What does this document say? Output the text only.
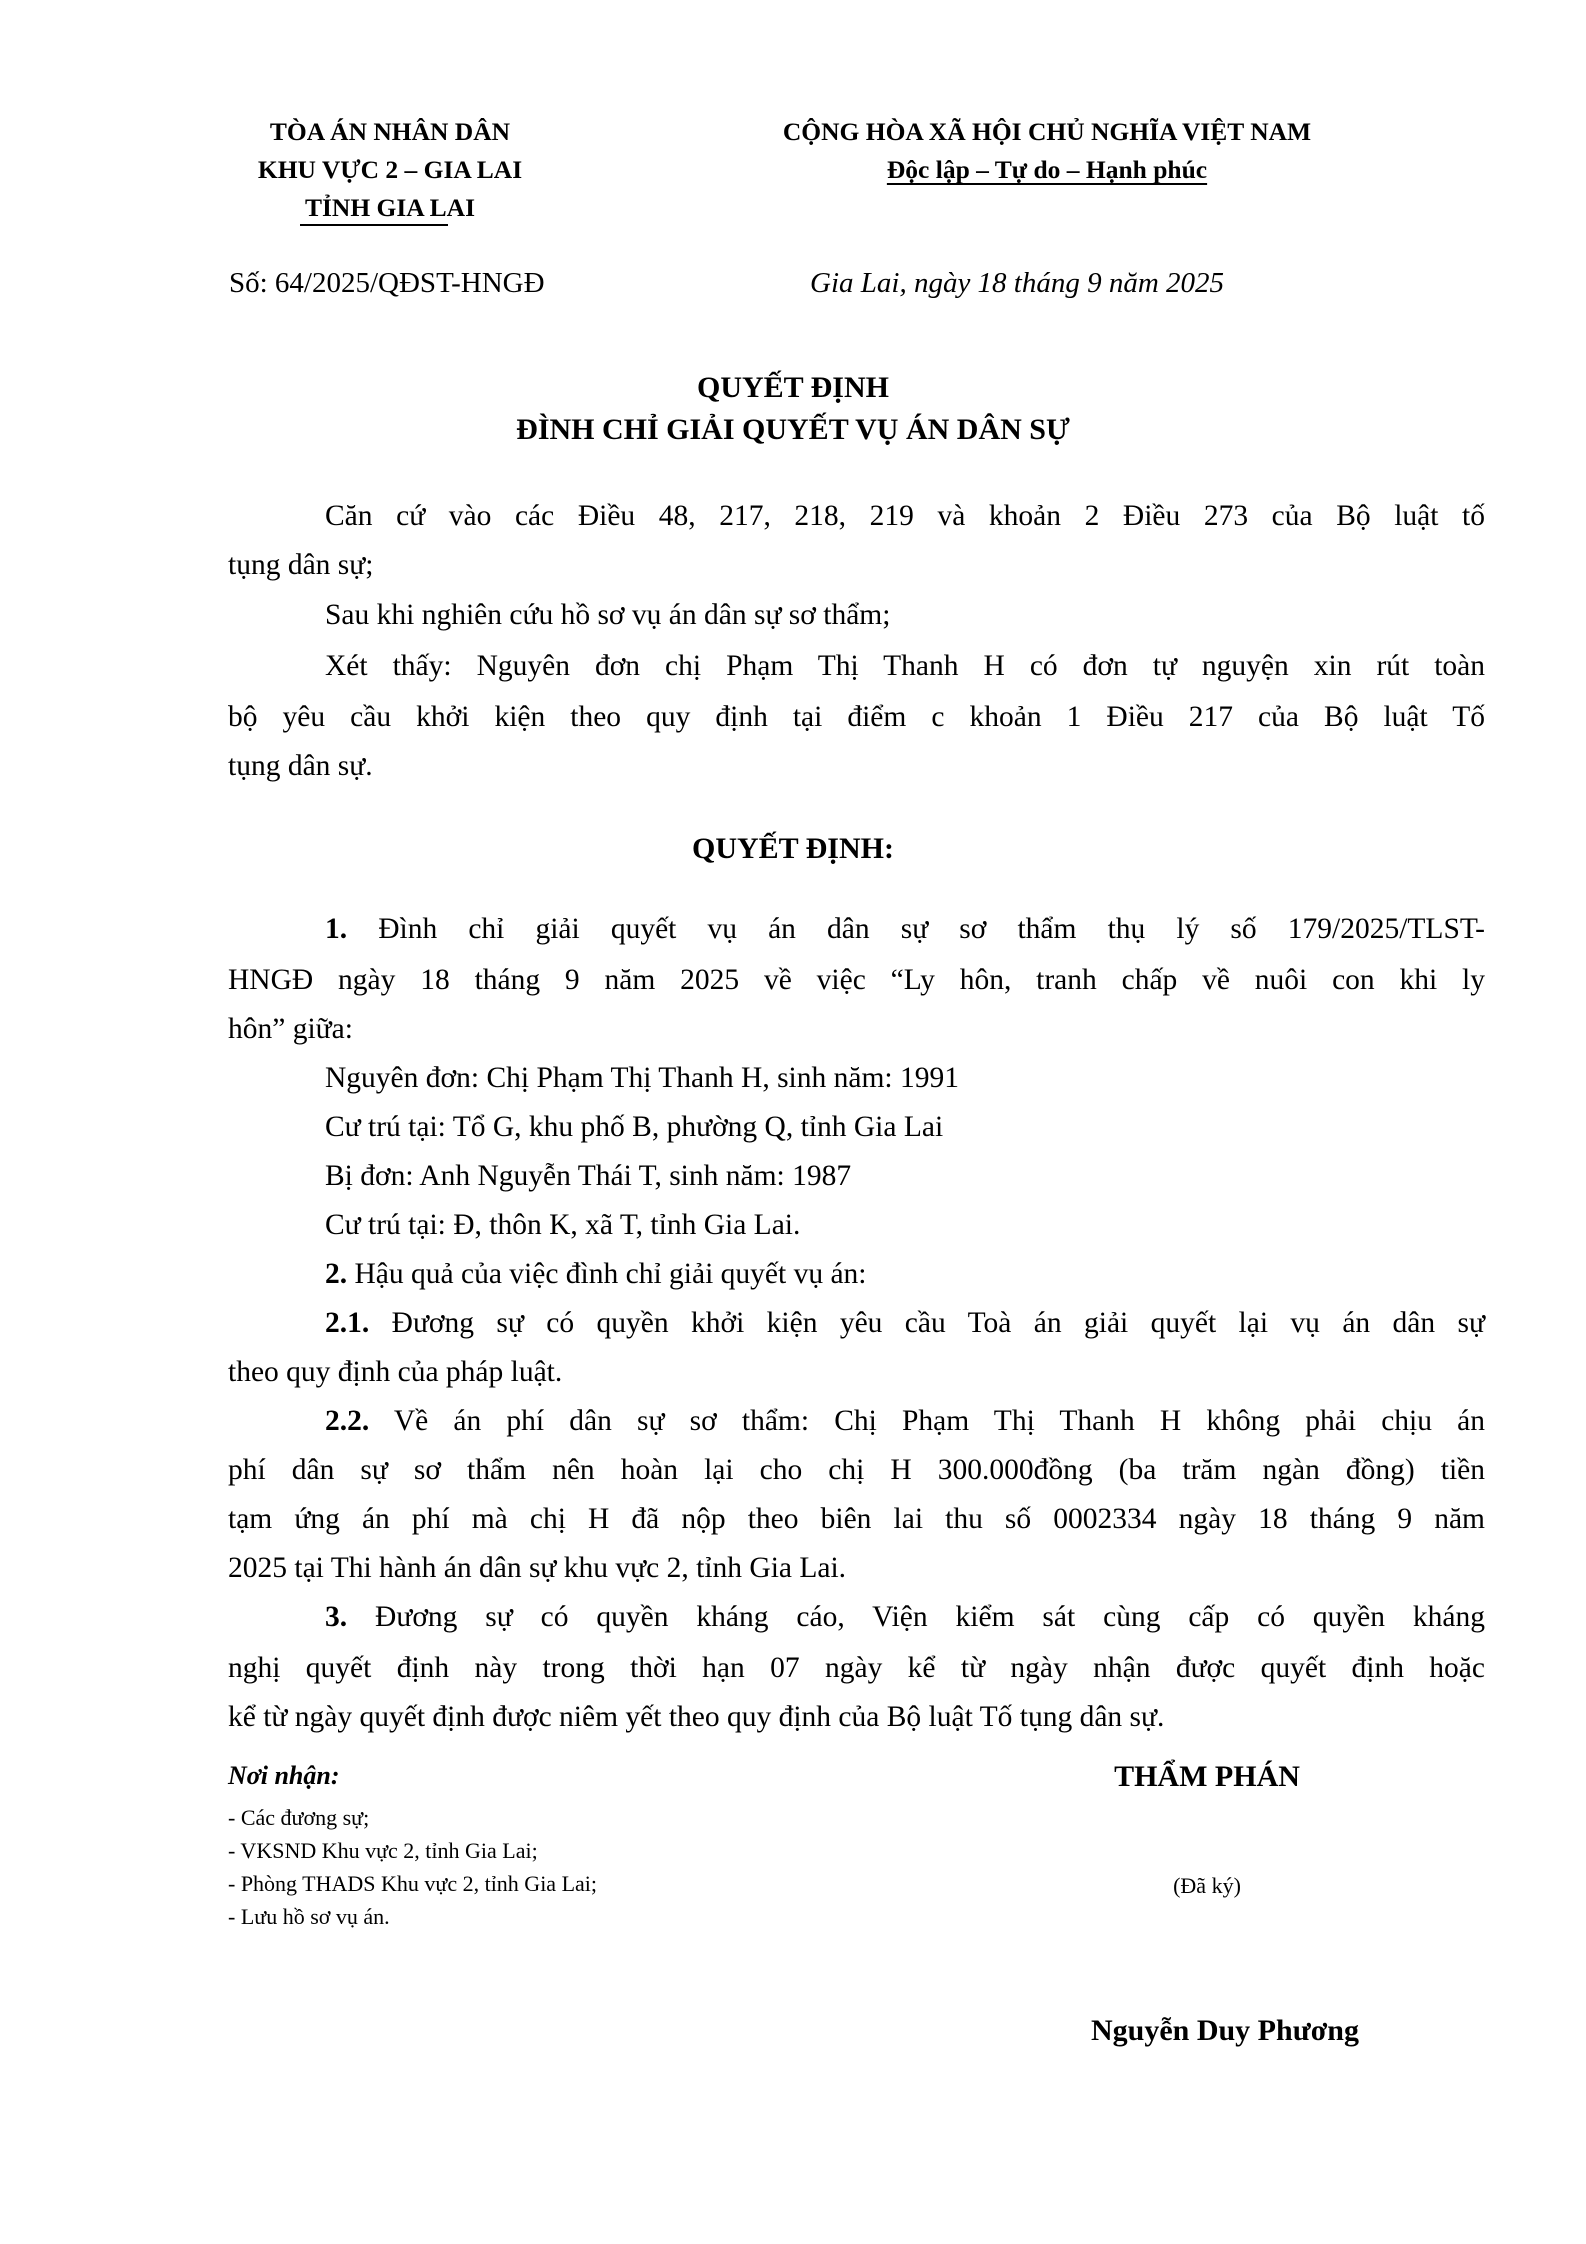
TÒA ÁN NHÂN DÂN
KHU VỰC 2 – GIA LAI
TỈNH GIA LAI
CỘNG HÒA XÃ HỘI CHỦ NGHĨA VIỆT NAM
Độc lập – Tự do – Hạnh phúc
Số: 64/2025/QĐST-HNGĐ	Gia Lai, ngày 18 tháng 9 năm 2025
QUYẾT ĐỊNH
ĐÌNH CHỈ GIẢI QUYẾT VỤ ÁN DÂN SỰ
Căn cứ vào các Điều 48, 217, 218, 219 và khoản 2 Điều 273 của Bộ luật tố
tụng dân sự;
Sau khi nghiên cứu hồ sơ vụ án dân sự sơ thẩm;
Xét thấy: Nguyên đơn chị Phạm Thị Thanh H có đơn tự nguyện xin rút toàn
bộ yêu cầu khởi kiện theo quy định tại điểm c khoản 1 Điều 217 của Bộ luật Tố
tụng dân sự.
QUYẾT ĐỊNH:
1. Đình chỉ giải quyết vụ án dân sự sơ thẩm thụ lý số 179/2025/TLST-
HNGĐ ngày 18 tháng 9 năm 2025 về việc “Ly hôn, tranh chấp về nuôi con khi ly
hôn” giữa:
Nguyên đơn: Chị Phạm Thị Thanh H, sinh năm: 1991
Cư trú tại: Tổ G, khu phố B, phường Q, tỉnh Gia Lai
Bị đơn: Anh Nguyễn Thái T, sinh năm: 1987
Cư trú tại: Đ, thôn K, xã T, tỉnh Gia Lai.
2. Hậu quả của việc đình chỉ giải quyết vụ án:
2.1. Đương sự có quyền khởi kiện yêu cầu Toà án giải quyết lại vụ án dân sự
theo quy định của pháp luật.
2.2. Về án phí dân sự sơ thẩm: Chị Phạm Thị Thanh H không phải chịu án
phí dân sự sơ thẩm nên hoàn lại cho chị H 300.000đồng (ba trăm ngàn đồng) tiền
tạm ứng án phí mà chị H đã nộp theo biên lai thu số 0002334 ngày 18 tháng 9 năm
2025 tại Thi hành án dân sự khu vực 2, tỉnh Gia Lai.
3. Đương sự có quyền kháng cáo, Viện kiểm sát cùng cấp có quyền kháng
nghị quyết định này trong thời hạn 07 ngày kể từ ngày nhận được quyết định hoặc
kể từ ngày quyết định được niêm yết theo quy định của Bộ luật Tố tụng dân sự.
Nơi nhận:
- Các đương sự;
- VKSND Khu vực 2, tỉnh Gia Lai;
- Phòng THADS Khu vực 2, tỉnh Gia Lai;
- Lưu hồ sơ vụ án.
THẨM PHÁN
(Đã ký)
Nguyễn Duy Phương
